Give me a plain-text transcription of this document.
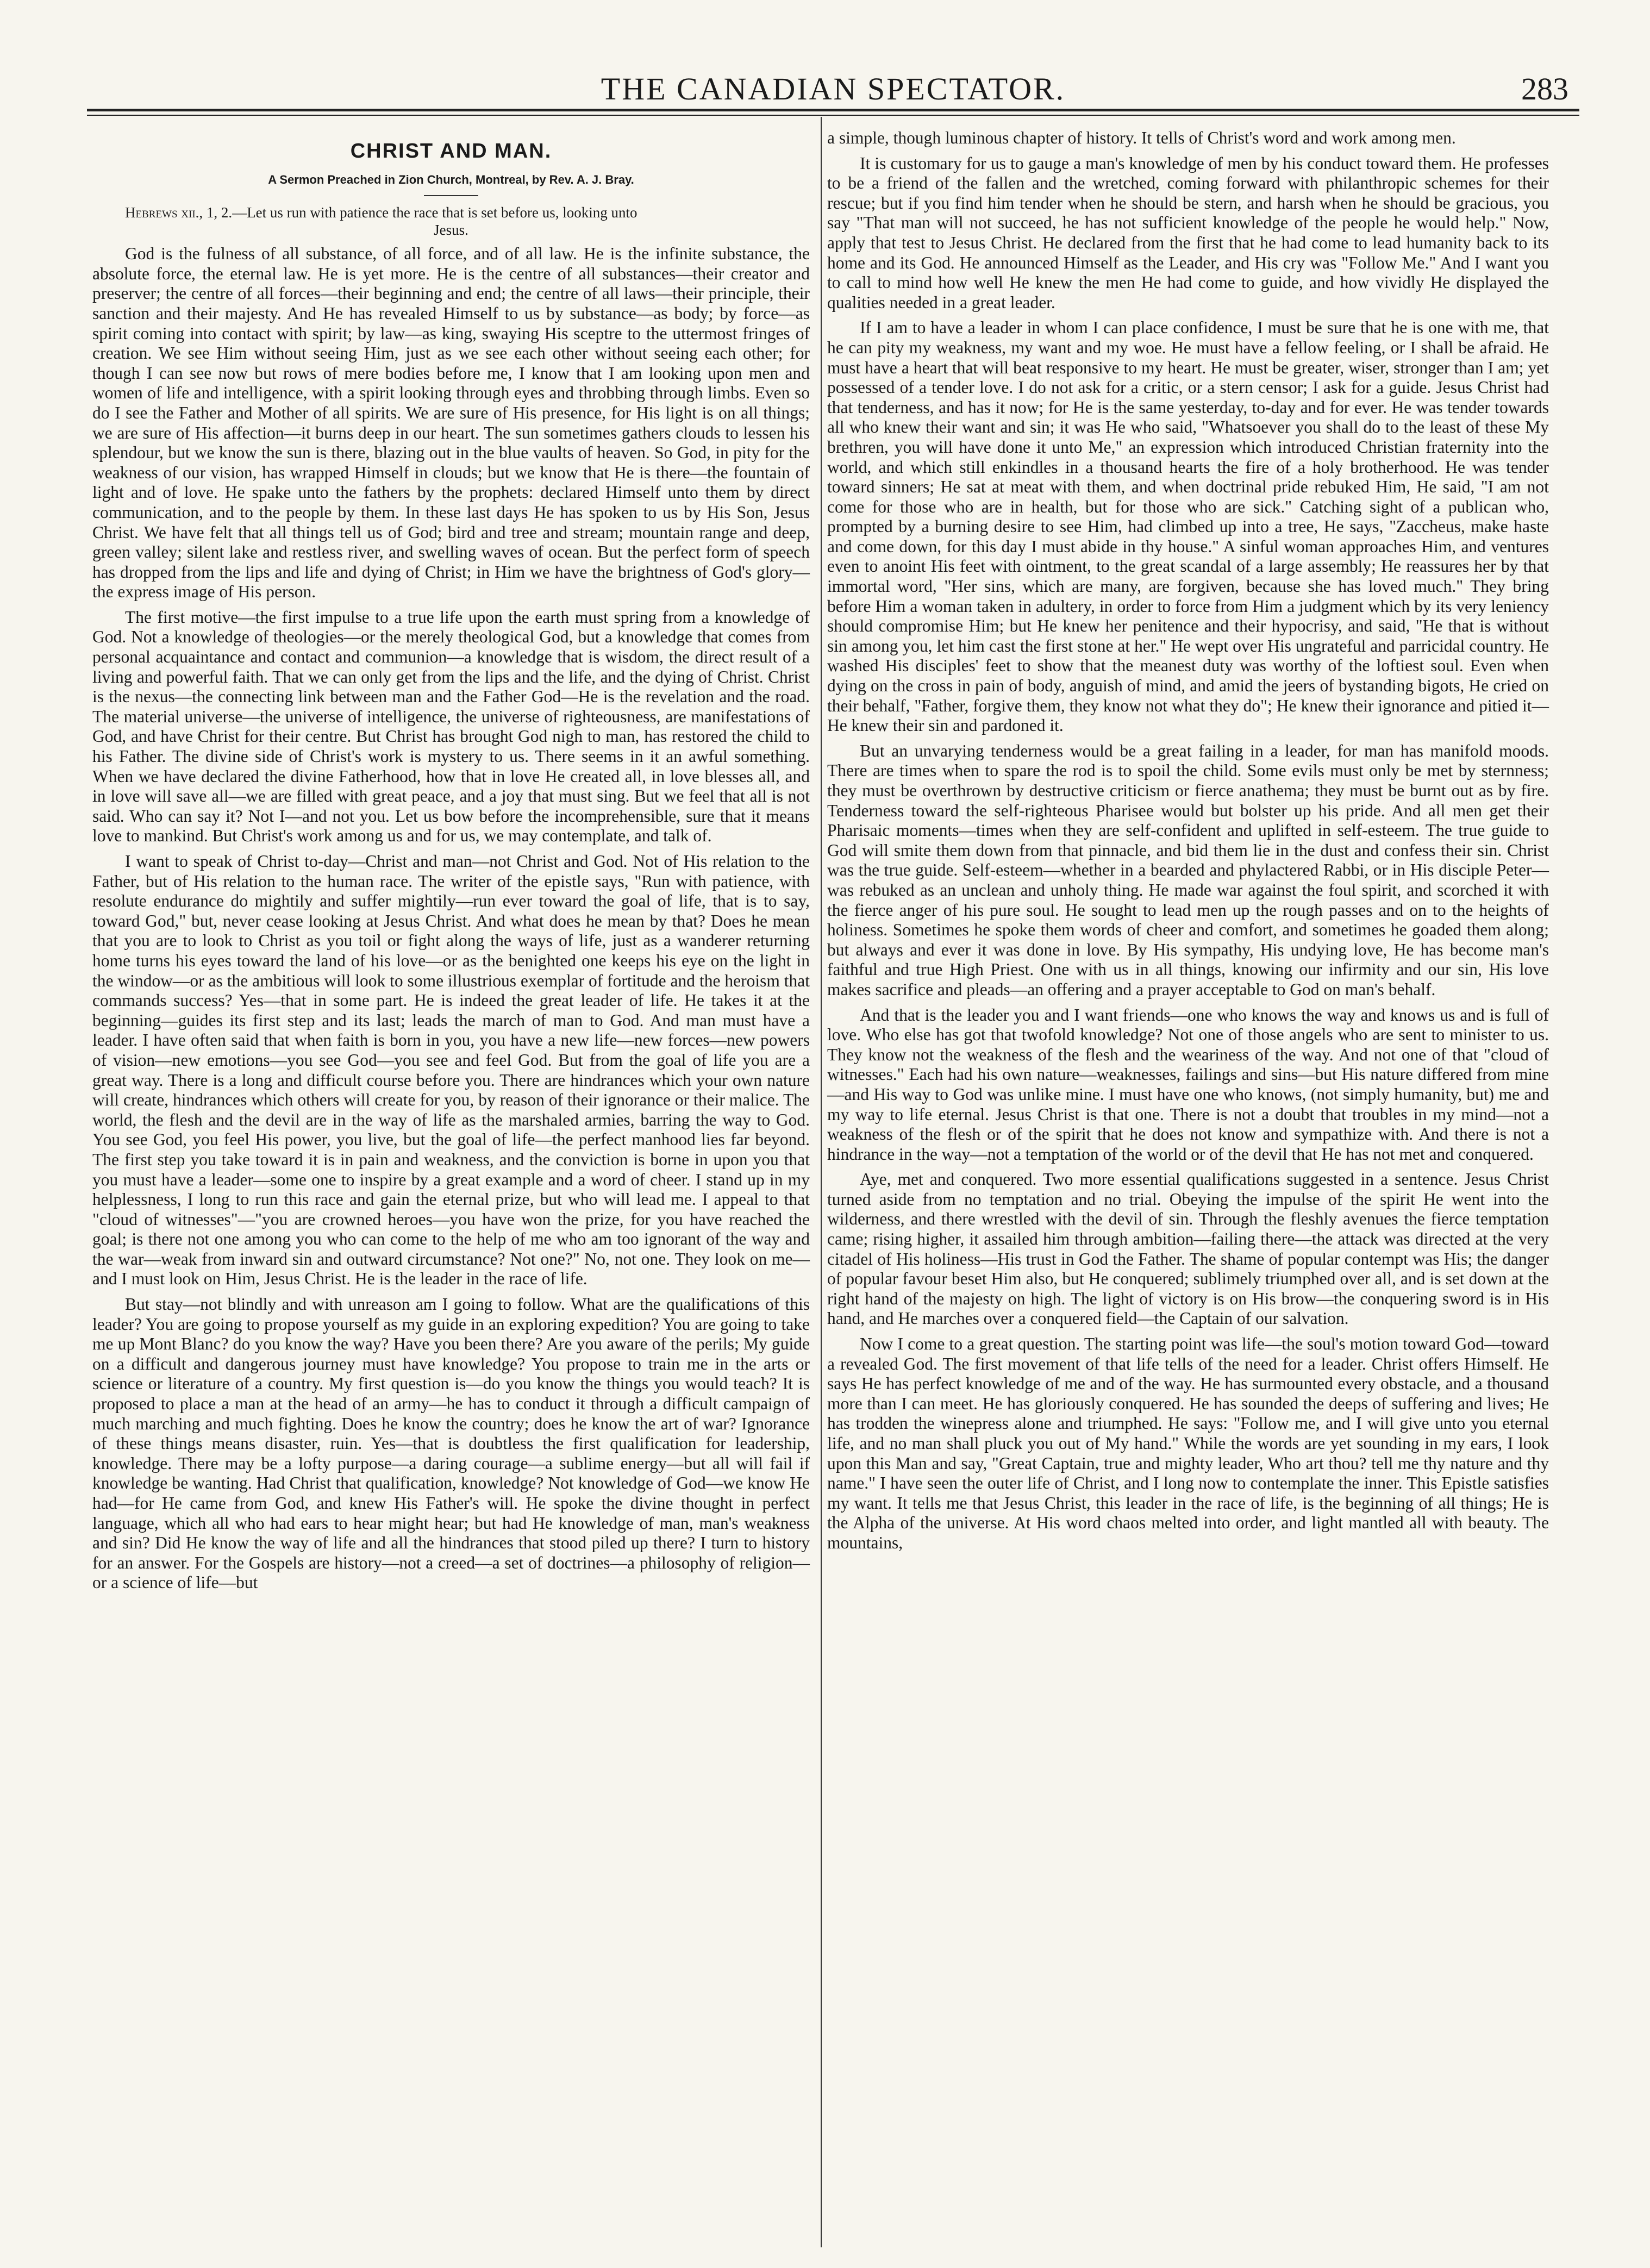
THE CANADIAN SPECTATOR.	283
CHRIST AND MAN.
A Sermon Preached in Zion Church, Montreal, by Rev. A. J. Bray.
Hebrews xii., 1, 2.—Let us run with patience the race that is set before us, looking unto
Jesus.

God is the fulness of all substance, of all force, and of all law. He is the infinite substance, the absolute force, the eternal law. He is yet more. He is the centre of all substances—their creator and preserver; the centre of all forces—their beginning and end; the centre of all laws—their principle, their sanction and their majesty. And He has revealed Himself to us by substance—as body; by force—as spirit coming into contact with spirit; by law—as king, swaying His sceptre to the uttermost fringes of creation. We see Him without seeing Him, just as we see each other without seeing each other; for though I can see now but rows of mere bodies before me, I know that I am looking upon men and women of life and intelligence, with a spirit looking through eyes and throbbing through limbs. Even so do I see the Father and Mother of all spirits. We are sure of His presence, for His light is on all things; we are sure of His affection—it burns deep in our heart. The sun sometimes gathers clouds to lessen his splendour, but we know the sun is there, blazing out in the blue vaults of heaven. So God, in pity for the weakness of our vision, has wrapped Himself in clouds; but we know that He is there—the fountain of light and of love. He spake unto the fathers by the prophets: declared Himself unto them by direct communication, and to the people by them. In these last days He has spoken to us by His Son, Jesus Christ. We have felt that all things tell us of God; bird and tree and stream; mountain range and deep, green valley; silent lake and restless river, and swelling waves of ocean. But the perfect form of speech has dropped from the lips and life and dying of Christ; in Him we have the brightness of God's glory—the express image of His person.

The first motive—the first impulse to a true life upon the earth must spring from a knowledge of God. Not a knowledge of theologies—or the merely theological God, but a knowledge that comes from personal acquaintance and contact and communion—a knowledge that is wisdom, the direct result of a living and powerful faith. That we can only get from the lips and the life, and the dying of Christ. Christ is the nexus—the connecting link between man and the Father God—He is the revelation and the road. The material universe—the universe of intelligence, the universe of righteousness, are manifestations of God, and have Christ for their centre. But Christ has brought God nigh to man, has restored the child to his Father. The divine side of Christ's work is mystery to us. There seems in it an awful something. When we have declared the divine Fatherhood, how that in love He created all, in love blesses all, and in love will save all—we are filled with great peace, and a joy that must sing. But we feel that all is not said. Who can say it? Not I—and not you. Let us bow before the incomprehensible, sure that it means love to mankind. But Christ's work among us and for us, we may contemplate, and talk of.

I want to speak of Christ to-day—Christ and man—not Christ and God. Not of His relation to the Father, but of His relation to the human race. The writer of the epistle says, "Run with patience, with resolute endurance do mightily and suffer mightily—run ever toward the goal of life, that is to say, toward God," but, never cease looking at Jesus Christ. And what does he mean by that? Does he mean that you are to look to Christ as you toil or fight along the ways of life, just as a wanderer returning home turns his eyes toward the land of his love—or as the benighted one keeps his eye on the light in the window—or as the ambitious will look to some illustrious exemplar of fortitude and the heroism that commands success? Yes—that in some part. He is indeed the great leader of life. He takes it at the beginning—guides its first step and its last; leads the march of man to God. And man must have a leader. I have often said that when faith is born in you, you have a new life—new forces—new powers of vision—new emotions—you see God—you see and feel God. But from the goal of life you are a great way. There is a long and difficult course before you. There are hindrances which your own nature will create, hindrances which others will create for you, by reason of their ignorance or their malice. The world, the flesh and the devil are in the way of life as the marshaled armies, barring the way to God. You see God, you feel His power, you live, but the goal of life—the perfect manhood lies far beyond. The first step you take toward it is in pain and weakness, and the conviction is borne in upon you that you must have a leader—some one to inspire by a great example and a word of cheer. I stand up in my helplessness, I long to run this race and gain the eternal prize, but who will lead me. I appeal to that "cloud of witnesses"—"you are crowned heroes—you have won the prize, for you have reached the goal; is there not one among you who can come to the help of me who am too ignorant of the way and the war—weak from inward sin and outward circumstance? Not one?" No, not one. They look on me—and I must look on Him, Jesus Christ. He is the leader in the race of life.

But stay—not blindly and with unreason am I going to follow. What are the qualifications of this leader? You are going to propose yourself as my guide in an exploring expedition? You are going to take me up Mont Blanc? do you know the way? Have you been there? Are you aware of the perils; My guide on a difficult and dangerous journey must have knowledge? You propose to train me in the arts or science or literature of a country. My first question is—do you know the things you would teach? It is proposed to place a man at the head of an army—he has to conduct it through a difficult campaign of much marching and much fighting. Does he know the country; does he know the art of war? Ignorance of these things means disaster, ruin. Yes—that is doubtless the first qualification for leadership, knowledge. There may be a lofty purpose—a daring courage—a sublime energy—but all will fail if knowledge be wanting. Had Christ that qualification, knowledge? Not knowledge of God—we know He had—for He came from God, and knew His Father's will. He spoke the divine thought in perfect language, which all who had ears to hear might hear; but had He knowledge of man, man's weakness and sin? Did He know the way of life and all the hindrances that stood piled up there? I turn to history for an answer. For the Gospels are history—not a creed—a set of doctrines—a philosophy of religion—or a science of life—but

a simple, though luminous chapter of history. It tells of Christ's word and work among men.

It is customary for us to gauge a man's knowledge of men by his conduct toward them. He professes to be a friend of the fallen and the wretched, coming forward with philanthropic schemes for their rescue; but if you find him tender when he should be stern, and harsh when he should be gracious, you say "That man will not succeed, he has not sufficient knowledge of the people he would help." Now, apply that test to Jesus Christ. He declared from the first that he had come to lead humanity back to its home and its God. He announced Himself as the Leader, and His cry was "Follow Me." And I want you to call to mind how well He knew the men He had come to guide, and how vividly He displayed the qualities needed in a great leader.

If I am to have a leader in whom I can place confidence, I must be sure that he is one with me, that he can pity my weakness, my want and my woe. He must have a fellow feeling, or I shall be afraid. He must have a heart that will beat responsive to my heart. He must be greater, wiser, stronger than I am; yet possessed of a tender love. I do not ask for a critic, or a stern censor; I ask for a guide. Jesus Christ had that tenderness, and has it now; for He is the same yesterday, to-day and for ever. He was tender towards all who knew their want and sin; it was He who said, "Whatsoever you shall do to the least of these My brethren, you will have done it unto Me," an expression which introduced Christian fraternity into the world, and which still enkindles in a thousand hearts the fire of a holy brotherhood. He was tender toward sinners; He sat at meat with them, and when doctrinal pride rebuked Him, He said, "I am not come for those who are in health, but for those who are sick." Catching sight of a publican who, prompted by a burning desire to see Him, had climbed up into a tree, He says, "Zaccheus, make haste and come down, for this day I must abide in thy house." A sinful woman approaches Him, and ventures even to anoint His feet with ointment, to the great scandal of a large assembly; He reassures her by that immortal word, "Her sins, which are many, are forgiven, because she has loved much." They bring before Him a woman taken in adultery, in order to force from Him a judgment which by its very leniency should compromise Him; but He knew her penitence and their hypocrisy, and said, "He that is without sin among you, let him cast the first stone at her." He wept over His ungrateful and parricidal country. He washed His disciples' feet to show that the meanest duty was worthy of the loftiest soul. Even when dying on the cross in pain of body, anguish of mind, and amid the jeers of bystanding bigots, He cried on their behalf, "Father, forgive them, they know not what they do"; He knew their ignorance and pitied it—He knew their sin and pardoned it.

But an unvarying tenderness would be a great failing in a leader, for man has manifold moods. There are times when to spare the rod is to spoil the child. Some evils must only be met by sternness; they must be overthrown by destructive criticism or fierce anathema; they must be burnt out as by fire. Tenderness toward the self-righteous Pharisee would but bolster up his pride. And all men get their Pharisaic moments—times when they are self-confident and uplifted in self-esteem. The true guide to God will smite them down from that pinnacle, and bid them lie in the dust and confess their sin. Christ was the true guide. Self-esteem—whether in a bearded and phylactered Rabbi, or in His disciple Peter—was rebuked as an unclean and unholy thing. He made war against the foul spirit, and scorched it with the fierce anger of his pure soul. He sought to lead men up the rough passes and on to the heights of holiness. Sometimes he spoke them words of cheer and comfort, and sometimes he goaded them along; but always and ever it was done in love. By His sympathy, His undying love, He has become man's faithful and true High Priest. One with us in all things, knowing our infirmity and our sin, His love makes sacrifice and pleads—an offering and a prayer acceptable to God on man's behalf.

And that is the leader you and I want friends—one who knows the way and knows us and is full of love. Who else has got that twofold knowledge? Not one of those angels who are sent to minister to us. They know not the weakness of the flesh and the weariness of the way. And not one of that "cloud of witnesses." Each had his own nature—weaknesses, failings and sins—but His nature differed from mine—and His way to God was unlike mine. I must have one who knows, (not simply humanity, but) me and my way to life eternal. Jesus Christ is that one. There is not a doubt that troubles in my mind—not a weakness of the flesh or of the spirit that he does not know and sympathize with. And there is not a hindrance in the way—not a temptation of the world or of the devil that He has not met and conquered.

Aye, met and conquered. Two more essential qualifications suggested in a sentence. Jesus Christ turned aside from no temptation and no trial. Obeying the impulse of the spirit He went into the wilderness, and there wrestled with the devil of sin. Through the fleshly avenues the fierce temptation came; rising higher, it assailed him through ambition—failing there—the attack was directed at the very citadel of His holiness—His trust in God the Father. The shame of popular contempt was His; the danger of popular favour beset Him also, but He conquered; sublimely triumphed over all, and is set down at the right hand of the majesty on high. The light of victory is on His brow—the conquering sword is in His hand, and He marches over a conquered field—the Captain of our salvation.

Now I come to a great question. The starting point was life—the soul's motion toward God—toward a revealed God. The first movement of that life tells of the need for a leader. Christ offers Himself. He says He has perfect knowledge of me and of the way. He has surmounted every obstacle, and a thousand more than I can meet. He has gloriously conquered. He has sounded the deeps of suffering and lives; He has trodden the winepress alone and triumphed. He says: "Follow me, and I will give unto you eternal life, and no man shall pluck you out of My hand." While the words are yet sounding in my ears, I look upon this Man and say, "Great Captain, true and mighty leader, Who art thou? tell me thy nature and thy name." I have seen the outer life of Christ, and I long now to contemplate the inner. This Epistle satisfies my want. It tells me that Jesus Christ, this leader in the race of life, is the beginning of all things; He is the Alpha of the universe. At His word chaos melted into order, and light mantled all with beauty. The mountains,
